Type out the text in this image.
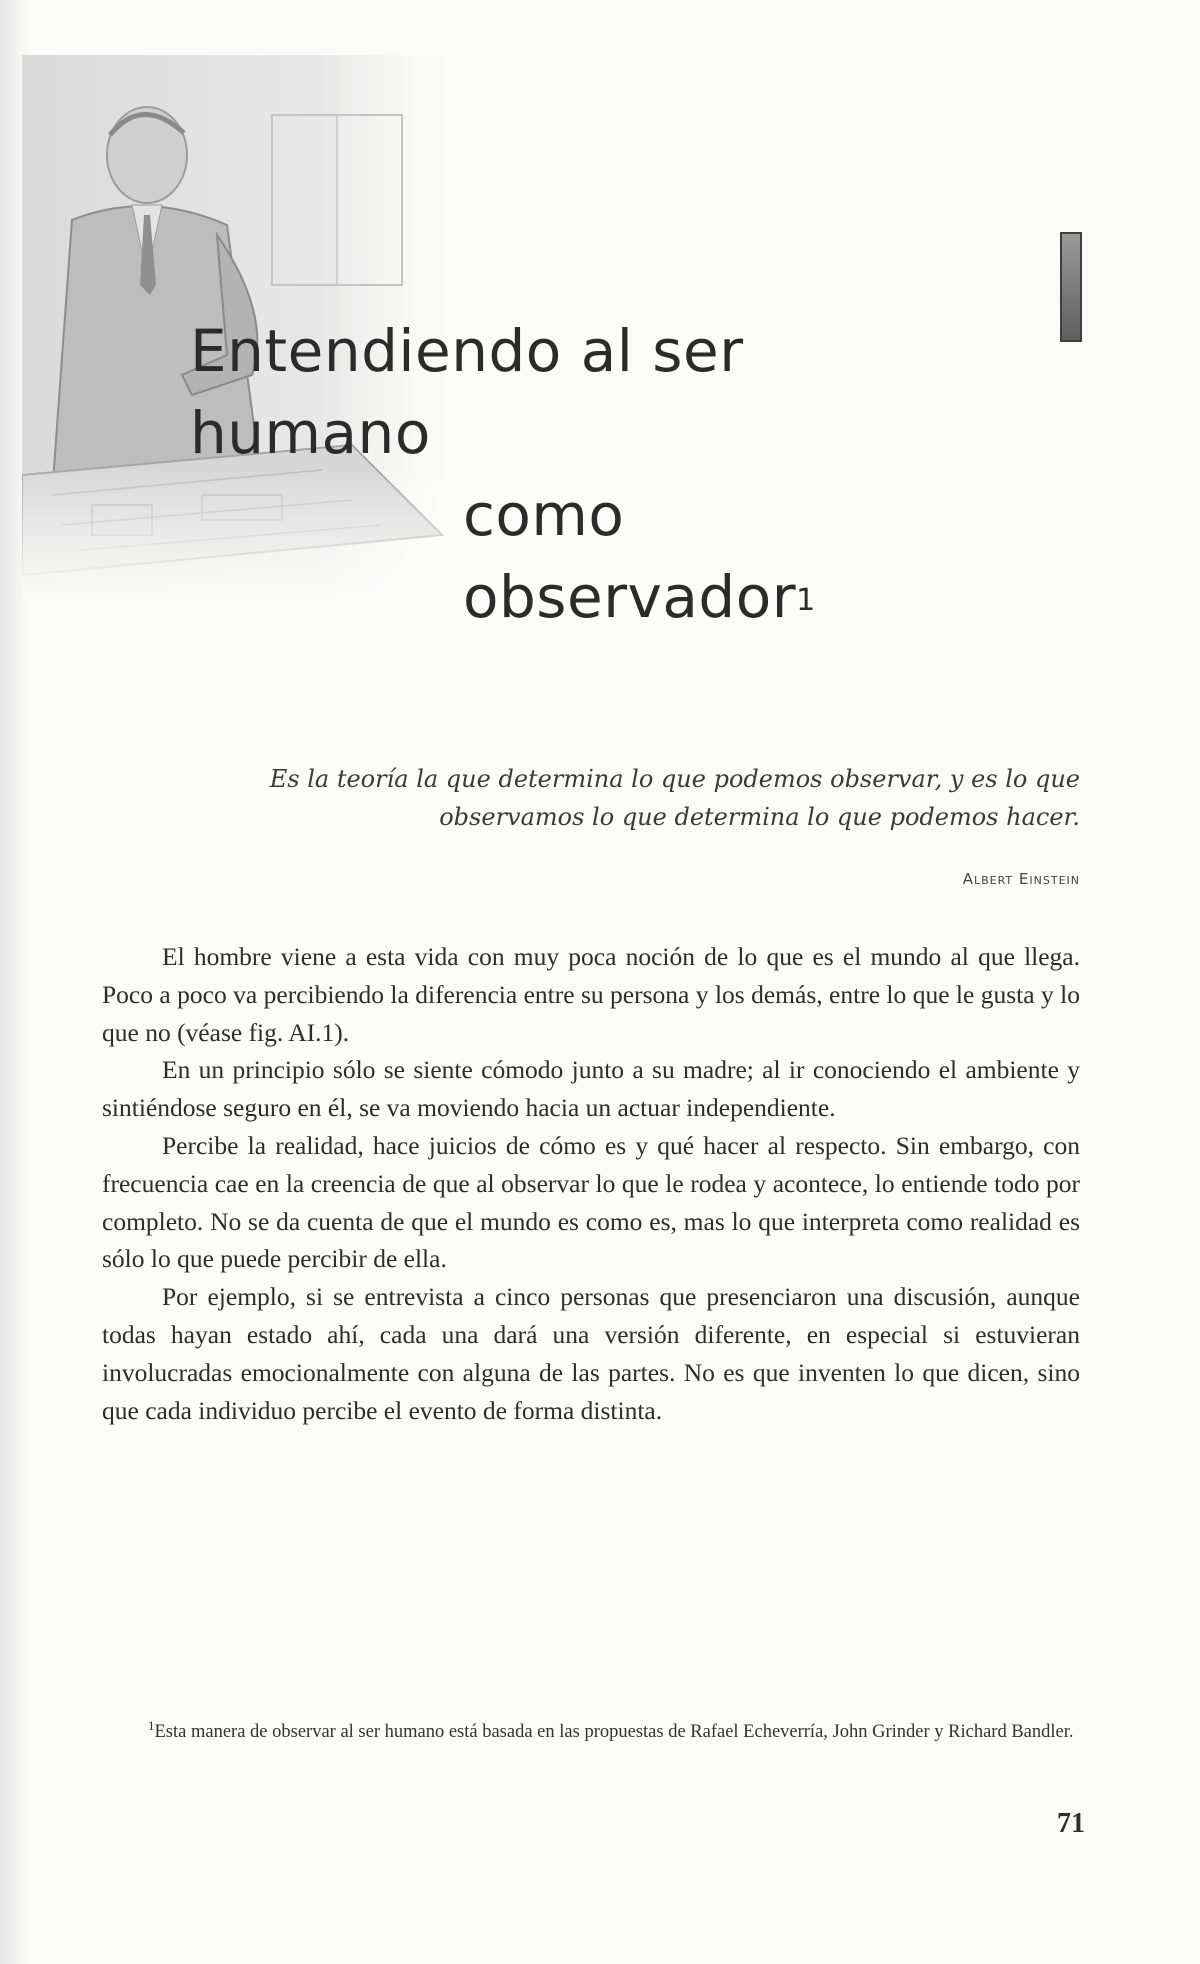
Entendiendo al ser humano
como observador$^1$
Es la teoría la que determina lo que podemos observar, y es lo que observamos lo que determina lo que podemos hacer.
Albert Einstein

El hombre viene a esta vida con muy poca noción de lo que es el mundo al que llega. Poco a poco va percibiendo la diferencia entre su persona y los demás, entre lo que le gusta y lo que no (véase fig. AI.1).

En un principio sólo se siente cómodo junto a su madre; al ir conociendo el ambiente y sintiéndose seguro en él, se va moviendo hacia un actuar independiente.

Percibe la realidad, hace juicios de cómo es y qué hacer al respecto. Sin embargo, con frecuencia cae en la creencia de que al observar lo que le rodea y acontece, lo entiende todo por completo. No se da cuenta de que el mundo es como es, mas lo que interpreta como realidad es sólo lo que puede percibir de ella.

Por ejemplo, si se entrevista a cinco personas que presenciaron una discusión, aunque todas hayan estado ahí, cada una dará una versión diferente, en especial si estuvieran involucradas emocionalmente con alguna de las partes. No es que inventen lo que dicen, sino que cada individuo percibe el evento de forma distinta.

$^1$Esta manera de observar al ser humano está basada en las propuestas de Rafael Echeverría, John Grinder y Richard Bandler.

71
